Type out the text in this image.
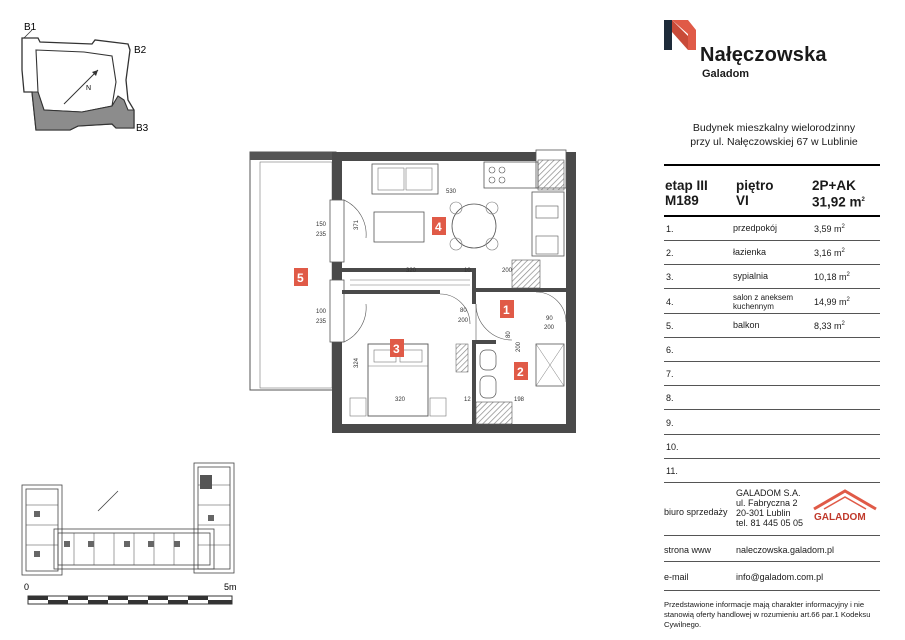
N
B1
B2
B3
530
320	10	200
150
235
100
235
320
324
371
80
200	90
200
80
200
198
12
1
2
3
4
5
0	5m
Nałęczowska
Galadom
Budynek mieszkalny wielorodzinny
przy ul. Nałęczowskiej 67 w Lublinie
etap III
M189
piętro
VI
2P+AK
31,92 $m^2$
1.	przedpokój	3,59 $m^2$
2.	łazienka	3,16 $m^2$
3.	sypialnia	10,18 $m^2$
4.	salon z aneksem kuchennym	14,99 $m^2$
5.	balkon	8,33 $m^2$
6.
7.
8.
9.
10.
11.
biuro sprzedaży
GALADOM S.A.
ul. Fabryczna 2
20-301 Lublin
tel. 81 445 05 05 GALADOM
strona www	naleczowska.galadom.pl
e-mail	info@galadom.com.pl
Przedstawione informacje mają charakter informacyjny i nie stanowią oferty handlowej w rozumieniu art.66 par.1 Kodeksu Cywilnego.
